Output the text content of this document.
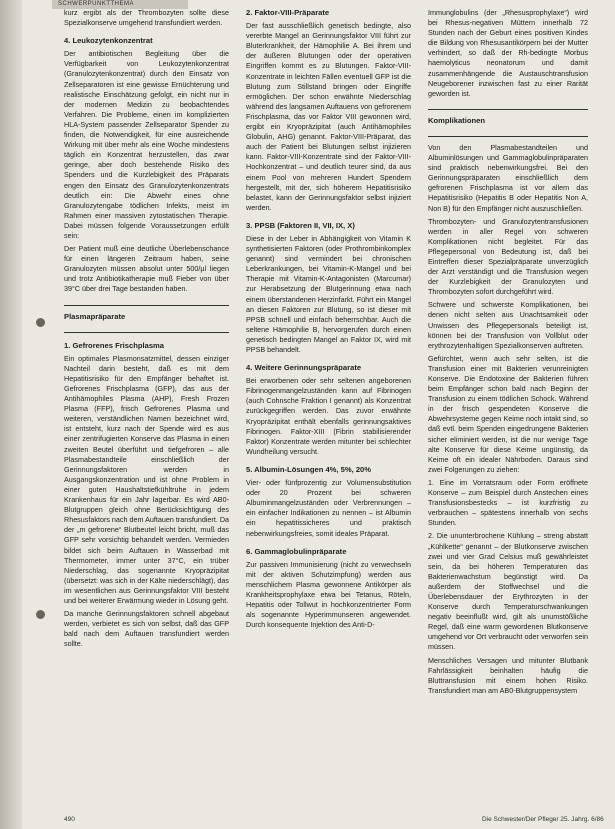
SCHWERPUNKTTHEMA

kurz ergibt als der Thrombozyten sollte diese Spezialkonserve umgehend transfundiert werden.

4. Leukozytenkonzentrat

Der antibiotischen Begleitung über die Verfügbarkeit von Leukozytenkonzentrat (Granulozytenkonzentrat) durch den Einsatz von Zellseparatoren ist eine gewisse Ernüchterung und realistische Einschätzung gefolgt, ein nicht nur in der modernen Medizin zu beobachtendes Verfahren. Die Probleme, einen im komplizierten HLA-System passender Zellseparator Spender zu finden, die Notwendigkeit, für eine ausreichende Wirkung mit über mehr als eine Woche mindestens täglich ein Konzentrat herzustellen, das zwar geringe, aber doch bestehende Risiko des Spenders und die Kurzlebigkeit des Präparats engen den Einsatz des Granulozytenkonzentrats deutlich ein: Die Abwehr eines ohne Granulozytengabe tödlichen Infekts, meist im Rahmen einer massiven zytostatischen Therapie. Dabei müssen folgende Voraussetzungen erfüllt sein:

Der Patient muß eine deutliche Überlebenschance für einen längeren Zeitraum haben, seine Granulozyten müssen absolut unter 500/µl liegen und trotz Antibiotikatherapie muß Fieber von über 39°C über drei Tage bestanden haben.

Plasmapräparate
1. Gefrorenes Frischplasma

Ein optimales Plasmonsatzmittel, dessen einziger Nachteil darin besteht, daß es mit dem Hepatitisrisiko für den Empfänger behaftet ist. Gefrorenes Frischplasma (GFP), das aus der Antihämophiles Plasma (AHP), Fresh Frozen Plasma (FFP), frisch Gefrorenes Plasma und weiteren, verständlichen Namen bezeichnet wird, ist entsteht, kurz nach der Spende wird es aus einer zentrifugierten Konserve das Plasma in einen zweiten Beutel überführt und tiefgefroren – alle Plasmabestandteile einschließlich der Gerinnungsfaktoren werden in Ausgangskonzentration und ist ohne Problem in einer guten Haushaltstiefkühltruhe in jedem Krankenhaus für ein Jahr lagerbar. Es wird AB0-Blutgruppen gleich ohne Berücksichtigung des Rhesusfaktors nach dem Auftauen transfundiert. Da der „m gefrorene“ Blutbeutel leicht bricht, muß das GFP sehr vorsichtig behandelt werden. Vermieden bildet sich beim Auftauen in Wasserbad mit Thermometer, immer unter 37°C, ein trüber Niederschlag, das sogenannte Kryopräzipitat (übersetzt: was sich in der Kälte niederschlägt), das im wesentlichen aus Gerinnungsfaktor VIII besteht und bei weiterer Erwärmung wieder in Lösung geht.

Da manche Gerinnungsfaktoren schnell abgebaut werden, verbietet es sich von selbst, daß das GFP bald nach dem Auftauen transfundiert werden sollte.

2. Faktor-VIII-Präparate

Der fast ausschließlich genetisch bedingte, also vererbte Mangel an Gerinnungsfaktor VIII führt zur Bluterkrankheit, der Hämophilie A. Bei ihrem und der äußeren Blutungen oder der operativen Eingriffen kommt es zu Blutungen. Faktor-VIII-Konzentrate in leichten Fällen eventuell GFP ist die Blutung zum Stillstand bringen oder Eingriffe ermöglichen. Der schon erwähnte Niederschlag während des langsamen Auftauens von gefrorenem Frischplasma, das vor Faktor VIII gewonnen wird, ergibt ein Kryopräzipitat (auch Antihämophiles Globulin, AHG) genannt. Faktor-VIII-Präparat, das auch der Patient bei Blutungen selbst injizieren kann. Faktor-VIII-Konzentrate sind der Faktor-VIII-Hochkonzentrat – und deutlich teurer sind, da aus einem Pool von mehreren Hundert Spendern hergestellt, mit der, sich höherem Hepatitisrisiko belastet, kann der Gerinnungsfaktor selbst injiziert werden.

3. PPSB (Faktoren II, VII, IX, X)

Diese in der Leber in Abhängigkeit von Vitamin K synthetisierten Faktoren (oder Prothrombinkomplex genannt) sind vermindert bei chronischen Leberkrankungen, bei Vitamin-K-Mangel und bei Therapie mit Vitamin-K-Antagonisten (Marcumar) zur Herabsetzung der Blutgerinnung etwa nach einem überstandenen Herzinfarkt. Führt ein Mangel an diesen Faktoren zur Blutung, so ist dieser mit PPSB schnell und einfach beherrschbar. Auch die seltene Hämophilie B, hervorgerufen durch einen genetisch bedingten Mangel an Faktor IX, wird mit PPSB behandelt.

4. Weitere Gerinnungspräparate

Bei erworbenen oder sehr seltenen angeborenen Fibrinogenmangelzuständen kann auf Fibrinogen (auch Cohnsche Fraktion I genannt) als Konzentrat zurückgegriffen werden. Das zuvor erwähnte Kryopräzipitat enthält ebenfalls gerinnungsaktives Fibrinogen. Faktor-XIII (Fibrin stabilisierender Faktor) Konzentrate werden mitunter bei schlechter Wundheilung versucht.

5. Albumin-Lösungen 4%, 5%, 20%

Vier- oder fünfprozentig zur Volumensubstitution oder 20 Prozent bei schweren Albuminmangelzuständen oder Verbrennungen – ein einfacher Indikationen zu nennen – ist Albumin ein hepatitissicheres und praktisch nebenwirkungsfreies, somit ideales Präparat.

6. Gammaglobulinpräparate

Zur passiven Immunisierung (nicht zu verwechseln mit der aktiven Schutzimpfung) werden aus menschlichem Plasma gewonnene Antikörper als Krankheitsprophylaxe etwa bei Tetanus, Röteln, Hepatitis oder Tollwut in hochkonzentrierter Form als sogenannte Hyperimmunseren angewendet. Durch konsequente Injektion des Anti-D-

Immunglobulins (der „Rhesusprophylaxe“) wird bei Rhesus-negativen Müttern innerhalb 72 Stunden nach der Geburt eines positiven Kindes die Bildung von Rhesusantikörpern bei der Mutter verhindert, so daß der Rh-bedingte Morbus haemolyticus neonatorum und damit zusammenhängende die Austauschtransfusion Neugeborener inzwischen fast zu einer Rarität geworden ist.

Komplikationen

Von den Plasmabestandteilen und Albuminlösungen und Gammaglobulinpräparaten sind praktisch nebenwirkungsfrei. Bei den Gerinnungspräparaten einschließlich dem gefrorenen Frischplasma ist vor allem das Hepatitisrisiko (Hepatitis B oder Hepatitis Non A, Non B) für den Empfänger nicht auszuschließen.

Thrombozyten- und Granulozytentransfusionen werden in aller Regel von schweren Komplikationen nicht begleitet. Für das Pflegepersonal von Bedeutung ist, daß bei Eintreffen dieser Spezialpräparate unverzüglich der Arzt verständigt und die Transfusion wegen der Kurzlebigkeit der Granulozyten und Thrombozyten sofort durchgeführt wird.

Schwere und schwerste Komplikationen, bei denen nicht selten aus Unachtsamkeit oder Unwissen des Pflegepersonals beteiligt ist, können bei der Transfusion von Vollblut oder erythrozytenhaltigen Spezialkonserven auftreten.

Gefürchtet, wenn auch sehr selten, ist die Transfusion einer mit Bakterien verunreinigten Konserve. Die Endotoxine der Bakterien führen beim Empfänger schon bald nach Beginn der Transfusion zu einem tödlichen Schock. Während in der frisch gespendeten Konserve die Abwehrsysteme gegen Keime noch intakt sind, so daß evtl. beim Spenden eingedrungene Bakterien sicher eliminiert werden, ist die nur wenige Tage alte Konserve für diese Keime ungünstig, da Keime oft ein idealer Nährboden. Daraus sind zwei Folgerungen zu ziehen:

1. Eine im Vorratsraum oder Form eröffnete Konserve – zum Beispiel durch Anstechen eines Transfusionsbestecks – ist kurzfristig zu verbrauchen – spätestens innerhalb von sechs Stunden.

2. Die ununterbrochene Kühlung – streng abstatt „Kühlkette“ genannt – der Blutkonserve zwischen zwei und vier Grad Celsius muß gewährleistet sein, da bei höheren Temperaturen das Bakterienwachstum begünstigt wird. Da außerdem der Stoffwechsel und die Überlebensdauer der Erythrozyten in der Konserve durch Temperaturschwankungen negativ beeinflußt wird, gilt als unumstößliche Regel, daß eine warm gewordenen Blutkonserve umgehend vor Ort verbraucht oder verworfen sein müssen.

Menschliches Versagen und mitunter Blutbank Fahrlässigkeit beinhalten häufig die Bluttransfusion mit einem hohen Risiko. Transfundiert man am AB0-Blutgruppensystem

490	Die Schwester/Der Pfleger 25. Jahrg. 6/86
